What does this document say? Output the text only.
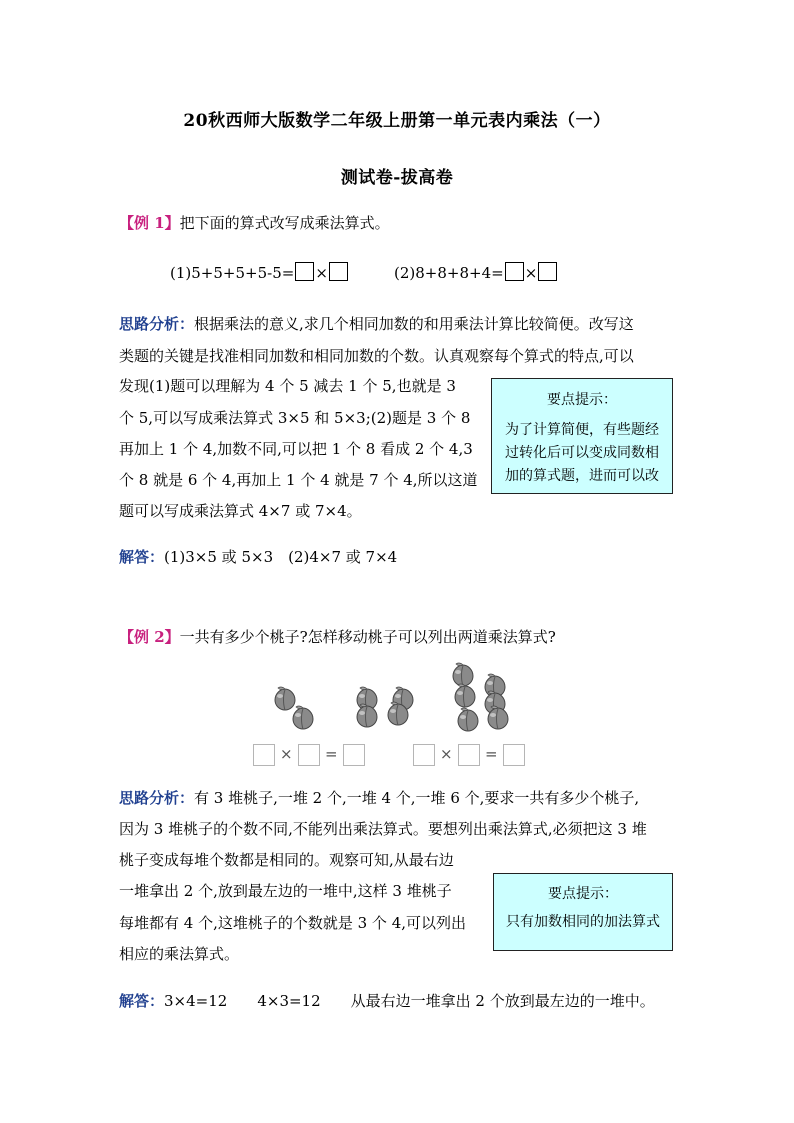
20秋西师大版数学二年级上册第一单元表内乘法（一）
测试卷-拔高卷
【例 1】把下面的算式改写成乘法算式。
(1)5+5+5+5-5= ×	(2)8+8+8+4= ×
思路分析：根据乘法的意义,求几个相同加数的和用乘法计算比较简便。改写这
类题的关键是找准相同加数和相同加数的个数。认真观察每个算式的特点,可以
发现(1)题可以理解为 4 个 5 减去 1 个 5,也就是 3
个 5,可以写成乘法算式 3×5 和 5×3;(2)题是 3 个 8
再加上 1 个 4,加数不同,可以把 1 个 8 看成 2 个 4,3
个 8 就是 6 个 4,再加上 1 个 4 就是 7 个 4,所以这道
题可以写成乘法算式 4×7 或 7×4。
要点提示：
为了计算简便，有些题经
过转化后可以变成同数相
加的算式题，进而可以改
解答：(1)3×5 或 5×3　(2)4×7 或 7×4
【例 2】一共有多少个桃子?怎样移动桃子可以列出两道乘法算式?
× =	× =
思路分析：有 3 堆桃子,一堆 2 个,一堆 4 个,一堆 6 个,要求一共有多少个桃子,
因为 3 堆桃子的个数不同,不能列出乘法算式。要想列出乘法算式,必须把这 3 堆
桃子变成每堆个数都是相同的。观察可知,从最右边
一堆拿出 2 个,放到最左边的一堆中,这样 3 堆桃子
每堆都有 4 个,这堆桃子的个数就是 3 个 4,可以列出
相应的乘法算式。
要点提示：
只有加数相同的加法算式
解答：3×4=12　　4×3=12　　从最右边一堆拿出 2 个放到最左边的一堆中。
